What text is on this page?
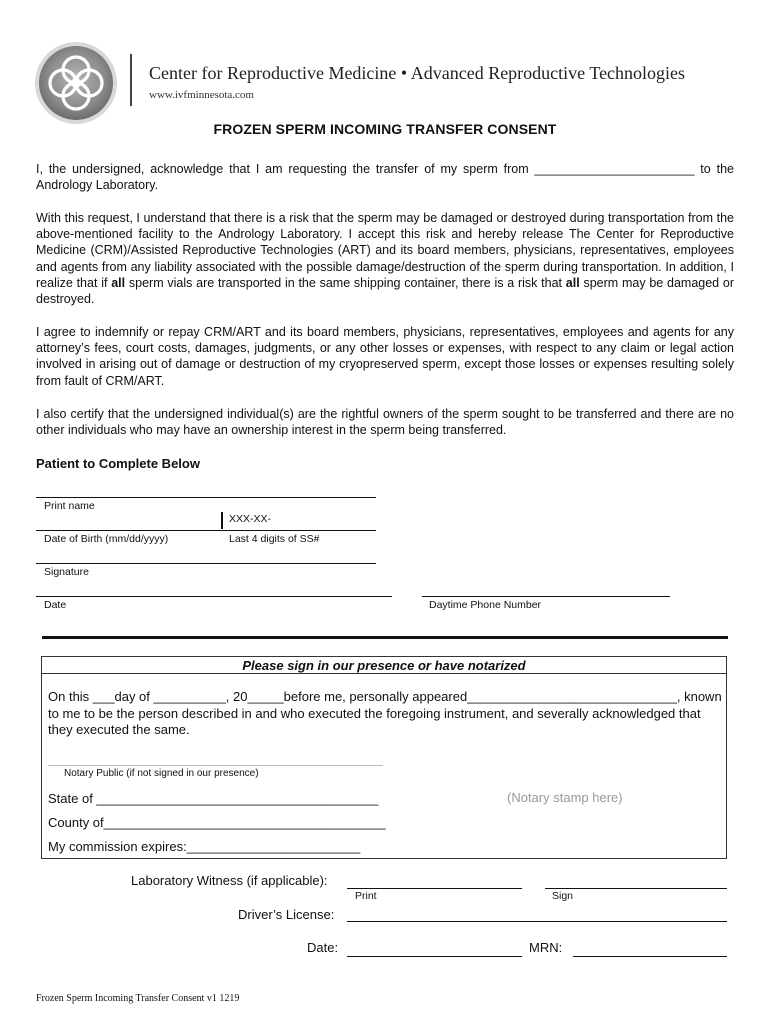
Center for Reproductive Medicine • Advanced Reproductive Technologies
www.ivfminnesota.com
FROZEN SPERM INCOMING TRANSFER CONSENT
I, the undersigned, acknowledge that I am requesting the transfer of my sperm from _______________________ to the Andrology Laboratory.
With this request, I understand that there is a risk that the sperm may be damaged or destroyed during transportation from the above-mentioned facility to the Andrology Laboratory. I accept this risk and hereby release The Center for Reproductive Medicine (CRM)/Assisted Reproductive Technologies (ART) and its board members, physicians, representatives, employees and agents from any liability associated with the possible damage/destruction of the sperm during transportation. In addition, I realize that if all sperm vials are transported in the same shipping container, there is a risk that all sperm may be damaged or destroyed.
I agree to indemnify or repay CRM/ART and its board members, physicians, representatives, employees and agents for any attorney’s fees, court costs, damages, judgments, or any other losses or expenses, with respect to any claim or legal action involved in arising out of damage or destruction of my cryopreserved sperm, except those losses or expenses resulting solely from fault of CRM/ART.
I also certify that the undersigned individual(s) are the rightful owners of the sperm sought to be transferred and there are no other individuals who may have an ownership interest in the sperm being transferred.
Patient to Complete Below
Print name
XXX-XX-
Date of Birth (mm/dd/yyyy)	Last 4 digits of SS#
Signature
Date	Daytime Phone Number
Please sign in our presence or have notarized
On this ___day of __________, 20_____before me, personally appeared_____________________________, known to me to be the person described in and who executed the foregoing instrument, and severally acknowledged that they executed the same.
Notary Public (if not signed in our presence)
State of _______________________________________	(Notary stamp here)
County of_______________________________________
My commission expires:________________________
Laboratory Witness (if applicable):
Print	Sign
Driver’s License:
Date:	MRN:
Frozen Sperm Incoming Transfer Consent v1 1219
